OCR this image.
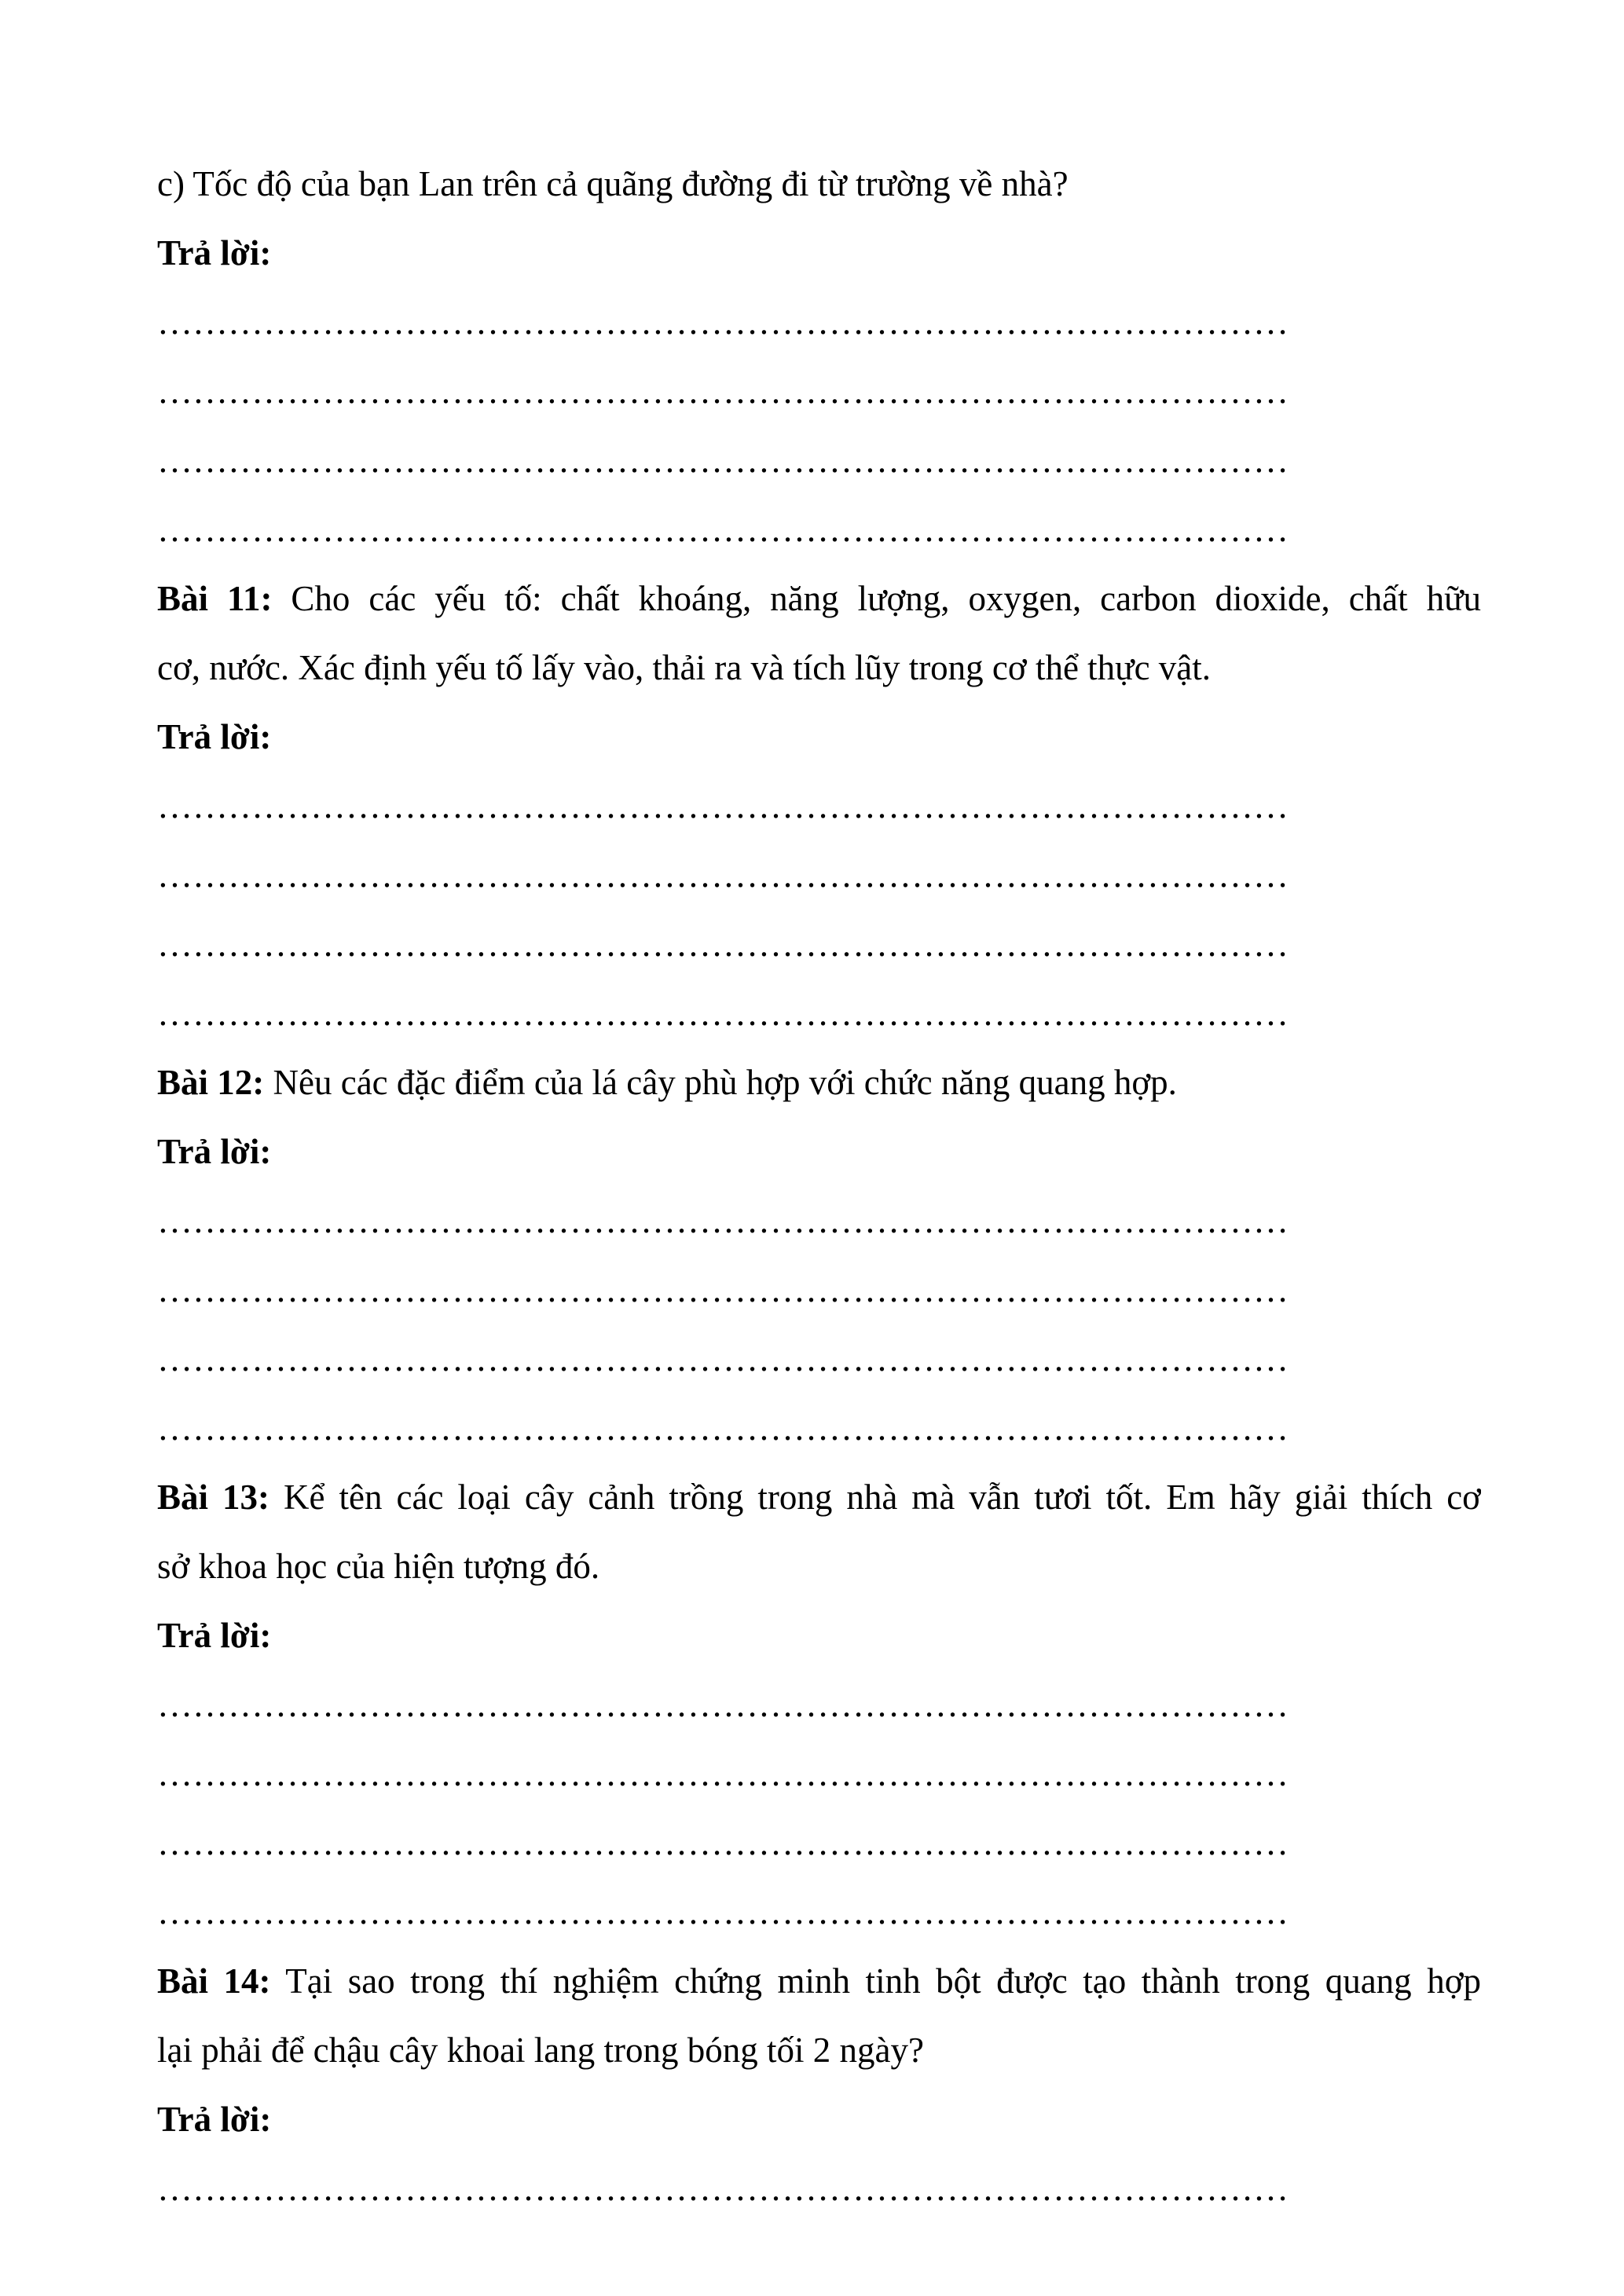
c) Tốc độ của bạn Lan trên cả quãng đường đi từ trường về nhà?
Trả lời:
……………………………………………………………………………………
……………………………………………………………………………………
……………………………………………………………………………………
……………………………………………………………………………………
Bài 11: Cho các yếu tố: chất khoáng, năng lượng, oxygen, carbon dioxide, chất hữu
cơ, nước. Xác định yếu tố lấy vào, thải ra và tích lũy trong cơ thể thực vật.
Trả lời:
……………………………………………………………………………………
……………………………………………………………………………………
……………………………………………………………………………………
……………………………………………………………………………………
Bài 12: Nêu các đặc điểm của lá cây phù hợp với chức năng quang hợp.
Trả lời:
……………………………………………………………………………………
……………………………………………………………………………………
……………………………………………………………………………………
……………………………………………………………………………………
Bài 13: Kể tên các loại cây cảnh trồng trong nhà mà vẫn tươi tốt. Em hãy giải thích cơ
sở khoa học của hiện tượng đó.
Trả lời:
……………………………………………………………………………………
……………………………………………………………………………………
……………………………………………………………………………………
……………………………………………………………………………………
Bài 14: Tại sao trong thí nghiệm chứng minh tinh bột được tạo thành trong quang hợp
lại phải để chậu cây khoai lang trong bóng tối 2 ngày?
Trả lời:
……………………………………………………………………………………
